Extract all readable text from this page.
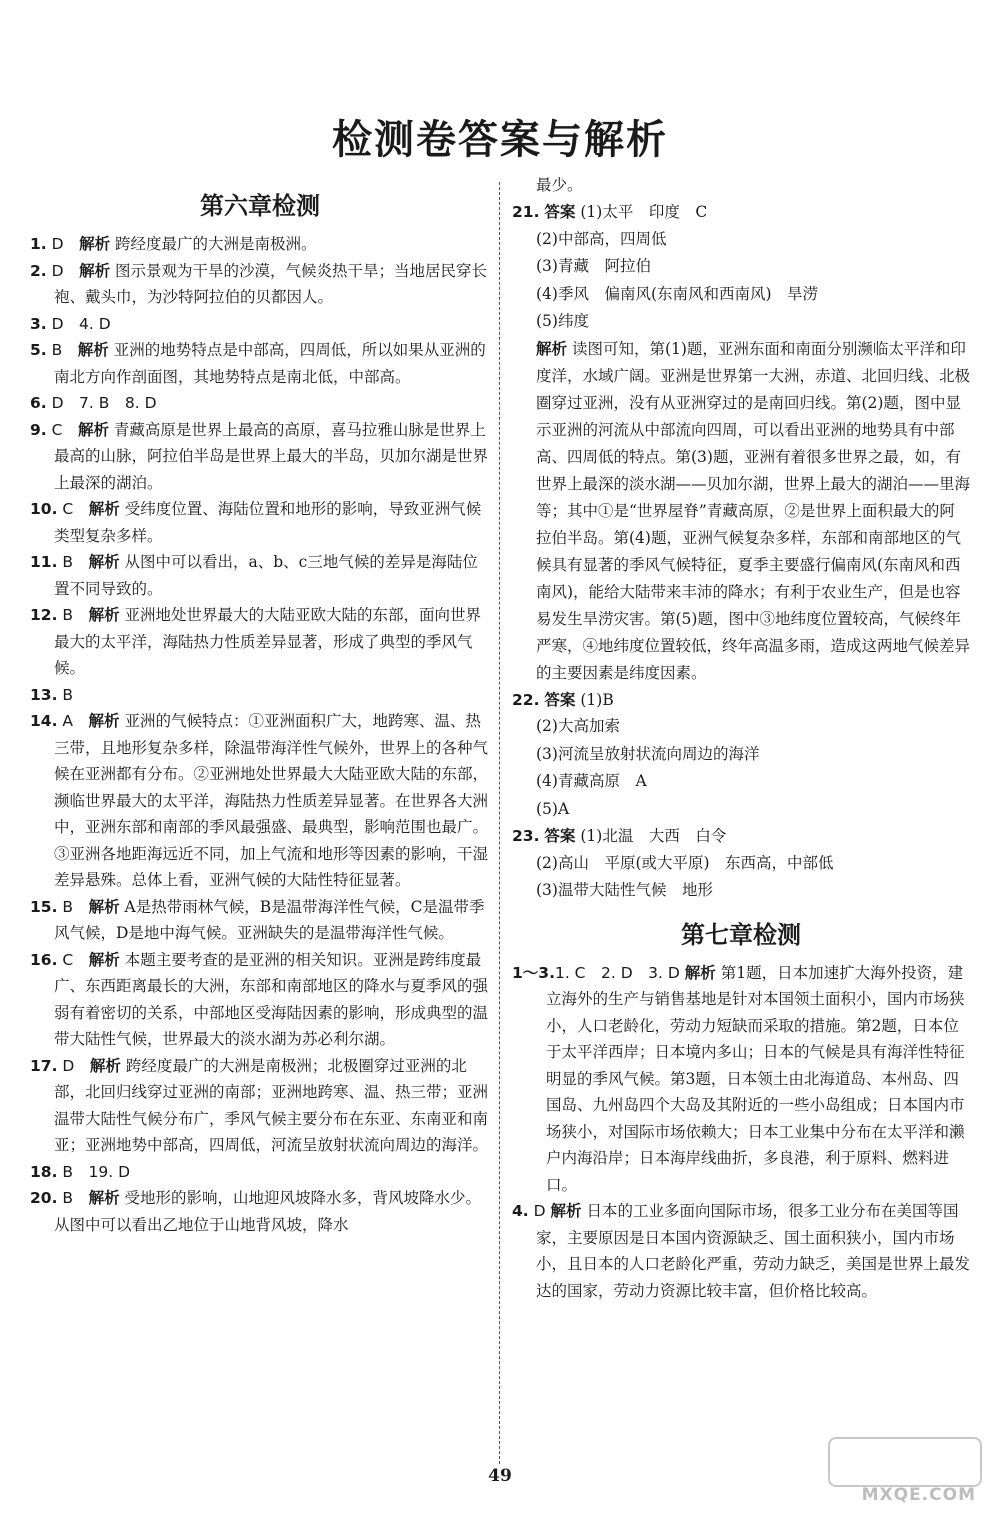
检测卷答案与解析
第六章检测

1. D　 解析 跨经度最广的大洲是南极洲。

2. D　 解析 图示景观为干旱的沙漠，气候炎热干旱；当地居民穿长袍、戴头巾，为沙特阿拉伯的贝都因人。

3. D　4. D

5. B　 解析 亚洲的地势特点是中部高，四周低，所以如果从亚洲的南北方向作剖面图，其地势特点是南北低，中部高。

6. D　7. B　8. D

9. C　 解析 青藏高原是世界上最高的高原，喜马拉雅山脉是世界上最高的山脉，阿拉伯半岛是世界上最大的半岛，贝加尔湖是世界上最深的湖泊。

10. C　 解析 受纬度位置、海陆位置和地形的影响，导致亚洲气候类型复杂多样。

11. B　 解析 从图中可以看出，a、b、c三地气候的差异是海陆位置不同导致的。

12. B　 解析 亚洲地处世界最大的大陆亚欧大陆的东部，面向世界最大的太平洋，海陆热力性质差异显著，形成了典型的季风气候。

13. B

14. A　 解析 亚洲的气候特点：①亚洲面积广大，地跨寒、温、热三带，且地形复杂多样，除温带海洋性气候外，世界上的各种气候在亚洲都有分布。②亚洲地处世界最大大陆亚欧大陆的东部，濒临世界最大的太平洋，海陆热力性质差异显著。在世界各大洲中，亚洲东部和南部的季风最强盛、最典型，影响范围也最广。③亚洲各地距海远近不同，加上气流和地形等因素的影响，干湿差异悬殊。总体上看，亚洲气候的大陆性特征显著。

15. B　 解析 A是热带雨林气候，B是温带海洋性气候，C是温带季风气候，D是地中海气候。亚洲缺失的是温带海洋性气候。

16. C　 解析 本题主要考查的是亚洲的相关知识。亚洲是跨纬度最广、东西距离最长的大洲，东部和南部地区的降水与夏季风的强弱有着密切的关系，中部地区受海陆因素的影响，形成典型的温带大陆性气候，世界最大的淡水湖为苏必利尔湖。

17. D　 解析 跨经度最广的大洲是南极洲；北极圈穿过亚洲的北部，北回归线穿过亚洲的南部；亚洲地跨寒、温、热三带；亚洲温带大陆性气候分布广，季风气候主要分布在东亚、东南亚和南亚；亚洲地势中部高，四周低，河流呈放射状流向周边的海洋。

18. B　19. D

20. B　 解析 受地形的影响，山地迎风坡降水多，背风坡降水少。从图中可以看出乙地位于山地背风坡，降水

最少。

21. 答案 (1)太平　印度　C

(2)中部高，四周低

(3)青藏　阿拉伯

(4)季风　偏南风(东南风和西南风)　旱涝

(5)纬度

解析 读图可知，第(1)题，亚洲东面和南面分别濒临太平洋和印度洋，水域广阔。亚洲是世界第一大洲，赤道、北回归线、北极圈穿过亚洲，没有从亚洲穿过的是南回归线。第(2)题，图中显示亚洲的河流从中部流向四周，可以看出亚洲的地势具有中部高、四周低的特点。第(3)题，亚洲有着很多世界之最，如，有世界上最深的淡水湖——贝加尔湖，世界上最大的湖泊——里海等；其中①是“世界屋脊”青藏高原，②是世界上面积最大的阿拉伯半岛。第(4)题，亚洲气候复杂多样，东部和南部地区的气候具有显著的季风气候特征，夏季主要盛行偏南风(东南风和西南风)，能给大陆带来丰沛的降水；有利于农业生产，但是也容易发生旱涝灾害。第(5)题，图中③地纬度位置较高，气候终年严寒，④地纬度位置较低，终年高温多雨，造成这两地气候差异的主要因素是纬度因素。

22. 答案 (1)B

(2)大高加索

(3)河流呈放射状流向周边的海洋

(4)青藏高原　A

(5)A

23. 答案 (1)北温　大西　白令

(2)高山　平原(或大平原)　东西高，中部低

(3)温带大陆性气候　地形

第七章检测

1～3.1. C　2. D　3. D 解析 第1题，日本加速扩大海外投资，建立海外的生产与销售基地是针对本国领土面积小，国内市场狭小，人口老龄化，劳动力短缺而采取的措施。第2题，日本位于太平洋西岸；日本境内多山；日本的气候是具有海洋性特征明显的季风气候。第3题，日本领土由北海道岛、本州岛、四国岛、九州岛四个大岛及其附近的一些小岛组成；日本国内市场狭小，对国际市场依赖大；日本工业集中分布在太平洋和濑户内海沿岸；日本海岸线曲折，多良港，利于原料、燃料进口。

4. D 解析 日本的工业多面向国际市场，很多工业分布在美国等国家，主要原因是日本国内资源缺乏、国土面积狭小，国内市场小，且日本的人口老龄化严重，劳动力缺乏，美国是世界上最发达的国家，劳动力资源比较丰富，但价格比较高。

49
MXQE.COM
